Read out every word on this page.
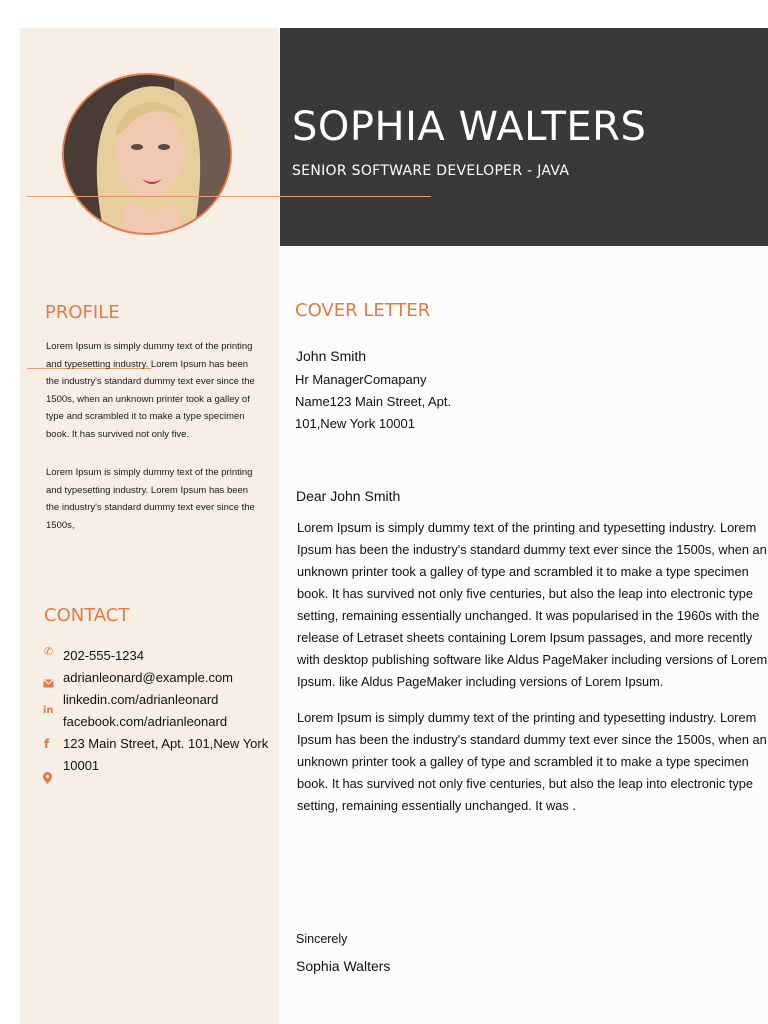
SOPHIA WALTERS

SENIOR SOFTWARE DEVELOPER - JAVA

PROFILE

Lorem Ipsum is simply dummy text of the printing and typesetting industry. Lorem Ipsum has been the industry's standard dummy text ever since the 1500s, when an unknown printer took a galley of type and scrambled it to make a type specimen book. It has survived not only five.

Lorem Ipsum is simply dummy text of the printing and typesetting industry. Lorem Ipsum has been the industry's standard dummy text ever since the 1500s,

CONTACT
✆
in
f
202-555-1234
adrianleonard@example.com
linkedin.com/adrianleonard
facebook.com/adrianleonard
123 Main Street, Apt. 101,New York 10001
COVER LETTER

John Smith

Hr ManagerComapany

Name123 Main Street, Apt.

101,New York 10001

Dear John Smith

Lorem Ipsum is simply dummy text of the printing and typesetting industry. Lorem Ipsum has been the industry's standard dummy text ever since the 1500s, when an unknown printer took a galley of type and scrambled it to make a type specimen book. It has survived not only five centuries, but also the leap into electronic type setting, remaining essentially unchanged. It was popularised in the 1960s with the release of Letraset sheets containing Lorem Ipsum passages, and more recently with desktop publishing software like Aldus PageMaker including versions of Lorem Ipsum. like Aldus PageMaker including versions of Lorem Ipsum.

Lorem Ipsum is simply dummy text of the printing and typesetting industry. Lorem Ipsum has been the industry's standard dummy text ever since the 1500s, when an unknown printer took a galley of type and scrambled it to make a type specimen book. It has survived not only five centuries, but also the leap into electronic type setting, remaining essentially unchanged. It was .

Sincerely

Sophia Walters
